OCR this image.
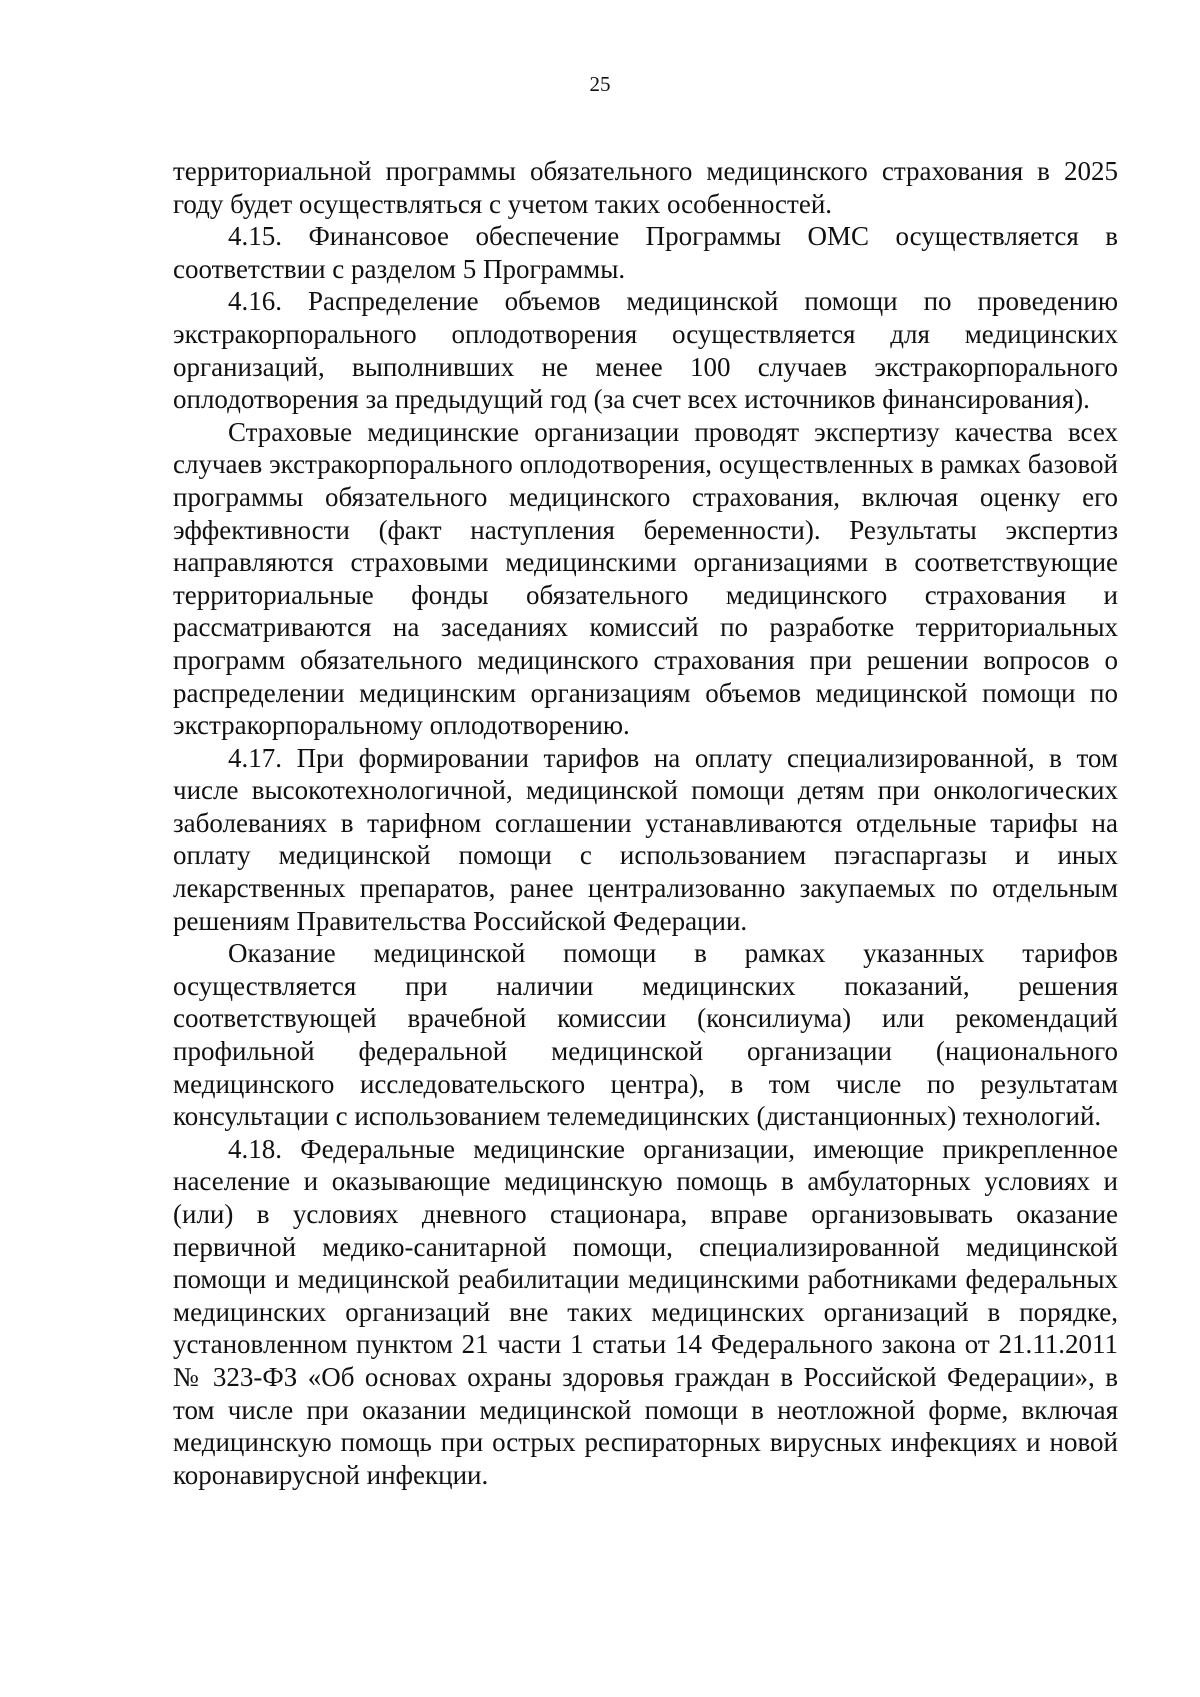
25

территориальной программы обязательного медицинского страхования в 2025 году будет осуществляться с учетом таких особенностей.

4.15. Финансовое обеспечение Программы ОМС осуществляется в соответствии с разделом 5 Программы.

4.16. Распределение объемов медицинской помощи по проведению экстракорпорального оплодотворения осуществляется для медицинских организаций, выполнивших не менее 100 случаев экстракорпорального оплодотворения за предыдущий год (за счет всех источников финансирования).

Страховые медицинские организации проводят экспертизу качества всех случаев экстракорпорального оплодотворения, осуществленных в рамках базовой программы обязательного медицинского страхования, включая оценку его эффективности (факт наступления беременности). Результаты экспертиз направляются страховыми медицинскими организациями в соответствующие территориальные фонды обязательного медицинского страхования и рассматриваются на заседаниях комиссий по разработке территориальных программ обязательного медицинского страхования при решении вопросов о распределении медицинским организациям объемов медицинской помощи по экстракорпоральному оплодотворению.

4.17. При формировании тарифов на оплату специализированной, в том числе высокотехнологичной, медицинской помощи детям при онкологических заболеваниях в тарифном соглашении устанавливаются отдельные тарифы на оплату медицинской помощи с использованием пэгаспаргазы и иных лекарственных препаратов, ранее централизованно закупаемых по отдельным решениям Правительства Российской Федерации.

Оказание медицинской помощи в рамках указанных тарифов осуществляется при наличии медицинских показаний, решения соответствующей врачебной комиссии (консилиума) или рекомендаций профильной федеральной медицинской организации (национального медицинского исследовательского центра), в том числе по результатам консультации с использованием телемедицинских (дистанционных) технологий.

4.18. Федеральные медицинские организации, имеющие прикрепленное население и оказывающие медицинскую помощь в амбулаторных условиях и (или) в условиях дневного стационара, вправе организовывать оказание первичной медико-санитарной помощи, специализированной медицинской помощи и медицинской реабилитации медицинскими работниками федеральных медицинских организаций вне таких медицинских организаций в порядке, установленном пунктом 21 части 1 статьи 14 Федерального закона от 21.11.2011 № 323-ФЗ «Об основах охраны здоровья граждан в Российской Федерации», в том числе при оказании медицинской помощи в неотложной форме, включая медицинскую помощь при острых респираторных вирусных инфекциях и новой коронавирусной инфекции.
